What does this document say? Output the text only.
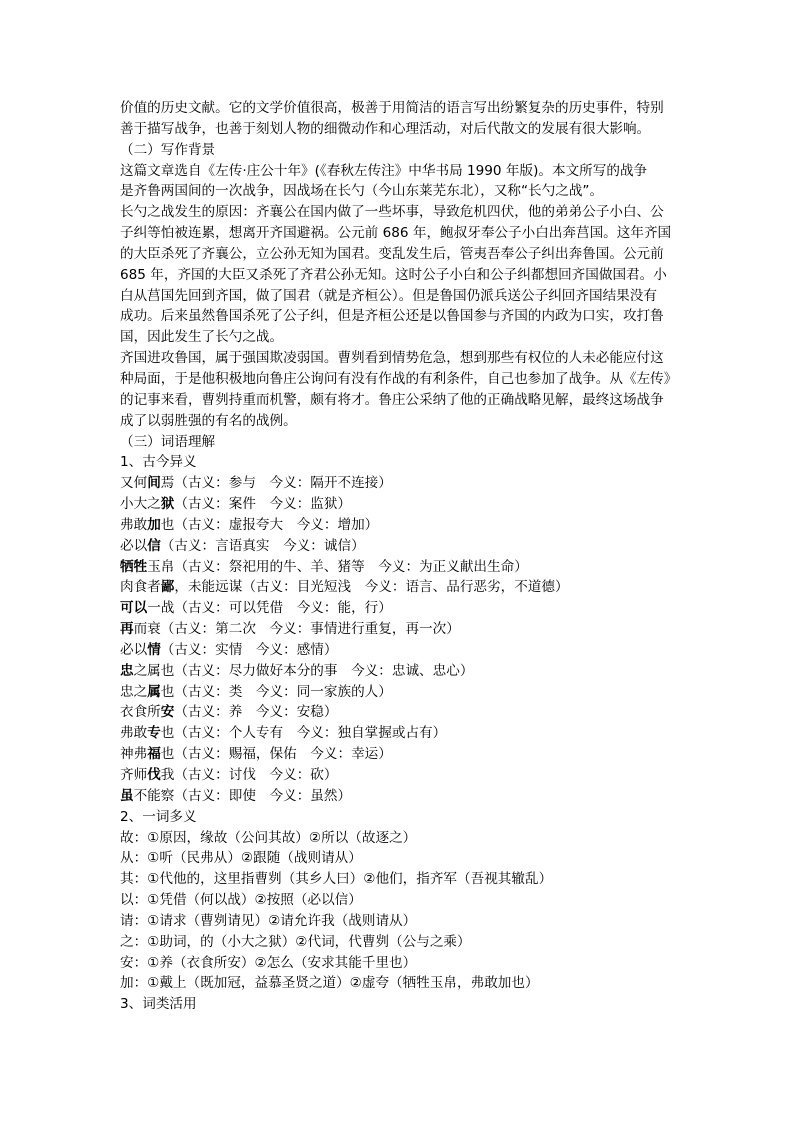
价值的历史文献。它的文学价值很高，极善于用简洁的语言写出纷繁复杂的历史事件，特别
善于描写战争，也善于刻划人物的细微动作和心理活动，对后代散文的发展有很大影响。
（二）写作背景
这篇文章选自《左传·庄公十年》(《春秋左传注》中华书局 1990 年版)。本文所写的战争
是齐鲁两国间的一次战争，因战场在长勺（今山东莱芜东北），又称“长勺之战”。
长勺之战发生的原因：齐襄公在国内做了一些坏事，导致危机四伏，他的弟弟公子小白、公
子纠等怕被连累，想离开齐国避祸。公元前 686 年，鲍叔牙奉公子小白出奔莒国。这年齐国
的大臣杀死了齐襄公，立公孙无知为国君。变乱发生后，管夷吾奉公子纠出奔鲁国。公元前
685 年，齐国的大臣又杀死了齐君公孙无知。这时公子小白和公子纠都想回齐国做国君。小
白从莒国先回到齐国，做了国君（就是齐桓公）。但是鲁国仍派兵送公子纠回齐国结果没有
成功。后来虽然鲁国杀死了公子纠，但是齐桓公还是以鲁国参与齐国的内政为口实，攻打鲁
国，因此发生了长勺之战。
齐国进攻鲁国，属于强国欺凌弱国。曹刿看到情势危急，想到那些有权位的人未必能应付这
种局面，于是他积极地向鲁庄公询问有没有作战的有利条件，自己也参加了战争。从《左传》
的记事来看，曹刿持重而机警，颇有将才。鲁庄公采纳了他的正确战略见解，最终这场战争
成了以弱胜强的有名的战例。
（三）词语理解
1、古今异义
又何间焉（古义：参与　今义：隔开不连接）
小大之狱（古义：案件　今义：监狱）
弗敢加也（古义：虚报夸大　今义：增加）
必以信（古义：言语真实　今义：诚信）
牺牲玉帛（古义：祭祀用的牛、羊、猪等　今义：为正义献出生命）
肉食者鄙，未能远谋（古义：目光短浅　今义：语言、品行恶劣，不道德）
可以一战（古义：可以凭借　今义：能，行）
再而衰（古义：第二次　今义：事情进行重复，再一次）
必以情（古义：实情　今义：感情）
忠之属也（古义：尽力做好本分的事　今义：忠诚、忠心）
忠之属也（古义：类　今义：同一家族的人）
衣食所安（古义：养　今义：安稳）
弗敢专也（古义：个人专有　今义：独自掌握或占有）
神弗福也（古义：赐福，保佑　今义：幸运）
齐师伐我（古义：讨伐　今义：砍）
虽不能察（古义：即使　今义：虽然）
2、一词多义
故：①原因，缘故（公问其故）②所以（故逐之）
从：①听（民弗从）②跟随（战则请从）
其：①代他的，这里指曹刿（其乡人曰）②他们，指齐军（吾视其辙乱）
以：①凭借（何以战）②按照（必以信）
请：①请求（曹刿请见）②请允许我（战则请从）
之：①助词，的（小大之狱）②代词，代曹刿（公与之乘）
安：①养（衣食所安）②怎么（安求其能千里也）
加：①戴上（既加冠，益慕圣贤之道）②虚夸（牺牲玉帛，弗敢加也）
3、词类活用
